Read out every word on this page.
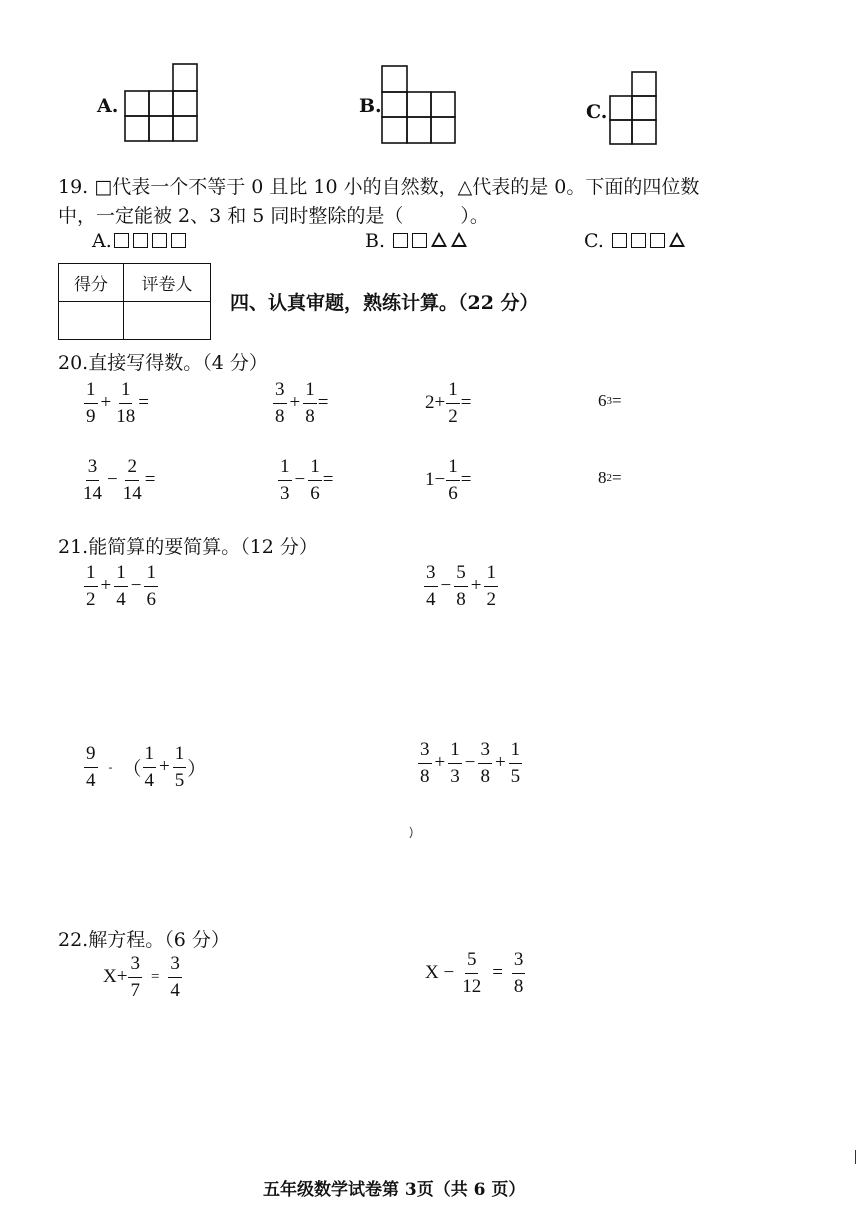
A.	B.	C.
19. □代表一个不等于 0 且比 10 小的自然数，△代表的是 0。下面的四位数
中，一定能被 2、3 和 5 同时整除的是（　　　）。
A.	B.	C.
得分	评卷人

四、认真审题，熟练计算。（22 分）
20.直接写得数。（4 分）
$\frac{1}{9} + \frac{1}{18}$ =	$\frac{3}{8} + \frac{1}{8}$ =	$2+ \frac{1}{2}$ =	6 3 =
$\frac{3}{14} - \frac{2}{14}$ =	$\frac{1}{3} - \frac{1}{6}$ =	$1- \frac{1}{6}$ =	8 2 =
21.能简算的要简算。（12 分）
$\frac{1}{2} + \frac{1}{4} - \frac{1}{6}$	$\frac{3}{4} - \frac{5}{8} + \frac{1}{2}$
$\frac{9}{4}$ - （ $\frac{1}{4} + \frac{1}{5}$ ）	$\frac{3}{8} + \frac{1}{3} - \frac{3}{8} + \frac{1}{5}$
22.解方程。（6 分）
$X+ \frac{3}{7} = \frac{3}{4}$	$X - \frac{5}{12} = \frac{3}{8}$
五年级数学试卷第 3页（共 6 页）
